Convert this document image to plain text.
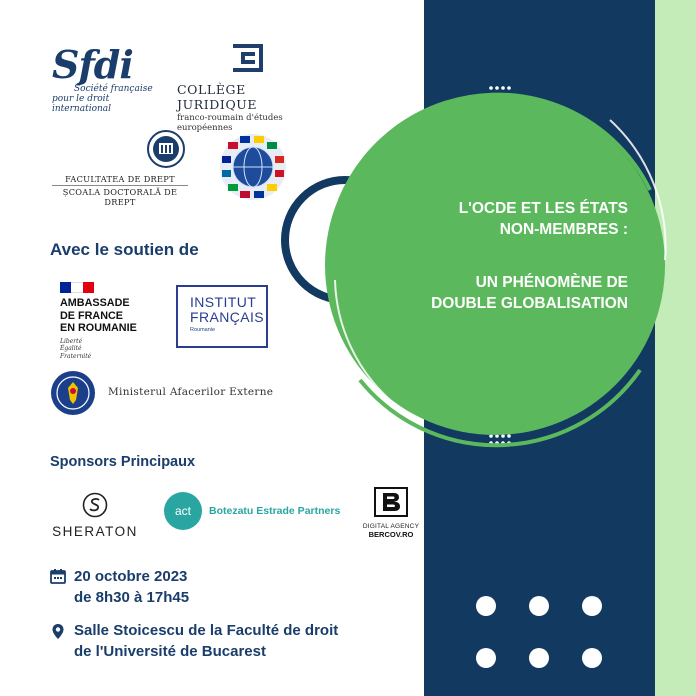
L'OCDE ET LES ÉTATS
NON-MEMBRES :
UN PHÉNOMÈNE DE
DOUBLE GLOBALISATION
Sfdi
Société française
pour le droit international
COLLÈGE JURIDIQUE
franco-roumain d'études européennes
FACULTATEA DE DREPT
ȘCOALA DOCTORALĂ DE DREPT
Avec le soutien de
AMBASSADE
DE FRANCE
EN ROUMANIE
Liberté
Égalité
Fraternité
INSTITUT
FRANÇAIS
Roumanie
Ministerul Afacerilor Externe
Sponsors Principaux
SHERATON
act	Botezatu Estrade Partners
DIGITAL AGENCY
BERCOV.RO
20 octobre 2023
de 8h30 à 17h45
Salle Stoicescu de la Faculté de droit
de l'Université de Bucarest
